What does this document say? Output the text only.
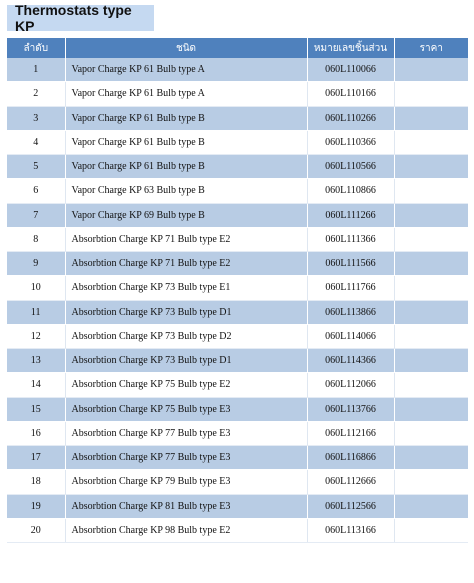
Thermostats type KP
ลำดับ	ชนิด	หมายเลขชิ้นส่วน	ราคา
1	Vapor Charge KP 61 Bulb type A	060L110066	
2	Vapor Charge KP 61 Bulb type A	060L110166	
3	Vapor Charge KP 61 Bulb type B	060L110266	
4	Vapor Charge KP 61 Bulb type B	060L110366	
5	Vapor Charge KP 61 Bulb type B	060L110566	
6	Vapor Charge KP 63 Bulb type B	060L110866	
7	Vapor Charge KP 69 Bulb type B	060L111266	
8	Absorbtion Charge KP 71 Bulb type E2	060L111366	
9	Absorbtion Charge KP 71 Bulb type E2	060L111566	
10	Absorbtion Charge KP 73 Bulb type E1	060L111766	
11	Absorbtion Charge KP 73 Bulb type D1	060L113866	
12	Absorbtion Charge KP 73 Bulb type D2	060L114066	
13	Absorbtion Charge KP 73 Bulb type D1	060L114366	
14	Absorbtion Charge KP 75 Bulb type E2	060L112066	
15	Absorbtion Charge KP 75 Bulb type E3	060L113766	
16	Absorbtion Charge KP 77 Bulb type E3	060L112166	
17	Absorbtion Charge KP 77 Bulb type E3	060L116866	
18	Absorbtion Charge KP 79 Bulb type E3	060L112666	
19	Absorbtion Charge KP 81 Bulb type E3	060L112566	
20	Absorbtion Charge KP 98 Bulb type E2	060L113166	
